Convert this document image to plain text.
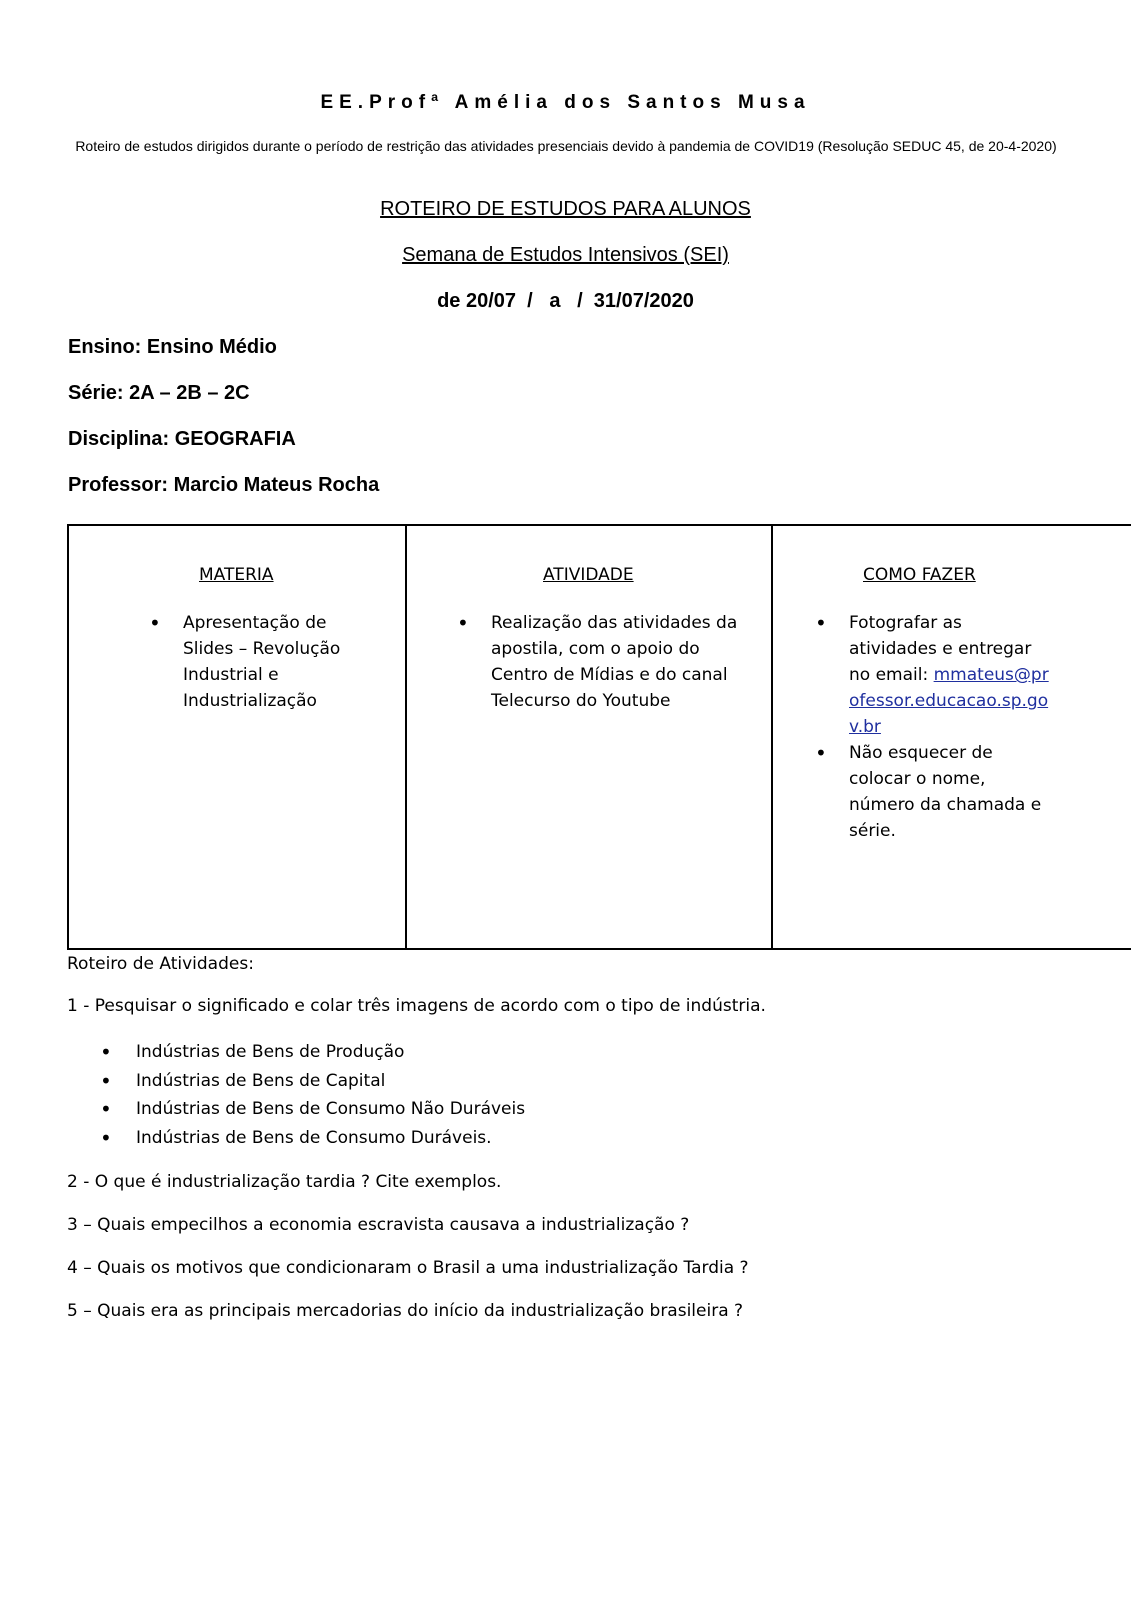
EE.Profª Amélia dos Santos Musa
Roteiro de estudos dirigidos durante o período de restrição das atividades presenciais devido à pandemia de COVID19 (Resolução SEDUC 45, de 20-4-2020)
ROTEIRO DE ESTUDOS PARA ALUNOS
Semana de Estudos Intensivos (SEI)
de 20/07  /   a   /  31/07/2020
Ensino: Ensino Médio
Série: 2A – 2B – 2C
Disciplina: GEOGRAFIA
Professor: Marcio Mateus Rocha
MATERIA
• Apresentação de Slides – Revolução Industrial e Industrialização
ATIVIDADE
• Realização das atividades da apostila, com o apoio do Centro de Mídias e do canal Telecurso do Youtube
COMO FAZER
• Fotografar as atividades e entregar no email: mmateus@professor.educacao.sp.gov.br
• Não esquecer de colocar o nome, número da chamada e série.
Roteiro de Atividades:
1 - Pesquisar o significado e colar três imagens de acordo com o tipo de indústria.
• Indústrias de Bens de Produção
• Indústrias de Bens de Capital
• Indústrias de Bens de Consumo Não Duráveis
• Indústrias de Bens de Consumo Duráveis.
2 - O que é industrialização tardia ? Cite exemplos.
3 – Quais empecilhos a economia escravista causava a industrialização ?
4 – Quais os motivos que condicionaram o Brasil a uma industrialização Tardia ?
5 – Quais era as principais mercadorias do início da industrialização brasileira ?
